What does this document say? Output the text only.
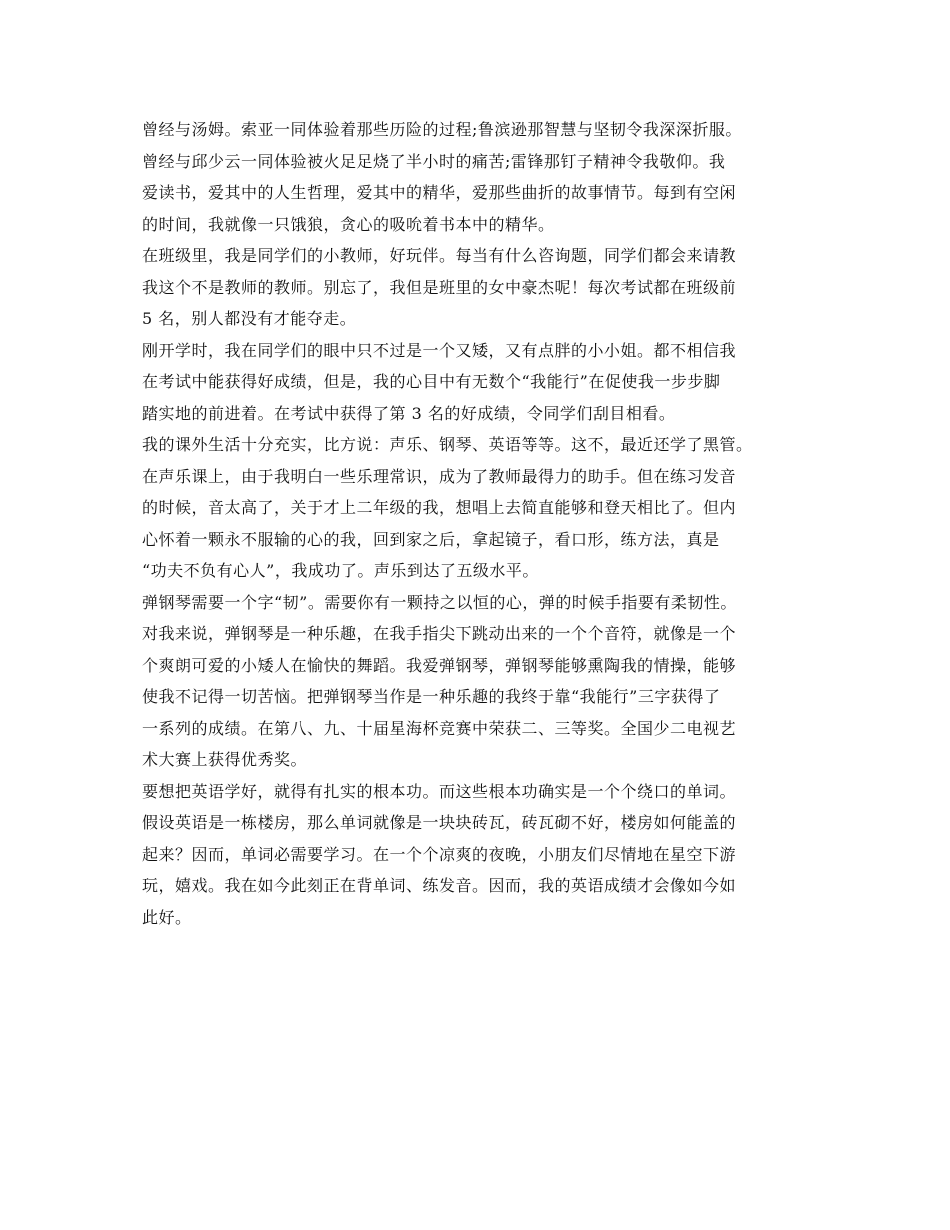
曾经与汤姆。索亚一同体验着那些历险的过程;鲁滨逊那智慧与坚韧令我深深折服。
曾经与邱少云一同体验被火足足烧了半小时的痛苦;雷锋那钉子精神令我敬仰。我
爱读书，爱其中的人生哲理，爱其中的精华，爱那些曲折的故事情节。每到有空闲
的时间，我就像一只饿狼，贪心的吸吮着书本中的精华。
在班级里，我是同学们的小教师，好玩伴。每当有什么咨询题，同学们都会来请教
我这个不是教师的教师。别忘了，我但是班里的女中豪杰呢！每次考试都在班级前
5 名，别人都没有才能夺走。
刚开学时，我在同学们的眼中只不过是一个又矮，又有点胖的小小姐。都不相信我
在考试中能获得好成绩，但是，我的心目中有无数个“我能行”在促使我一步步脚
踏实地的前进着。在考试中获得了第 3 名的好成绩，令同学们刮目相看。
我的课外生活十分充实，比方说：声乐、钢琴、英语等等。这不，最近还学了黑管。
在声乐课上，由于我明白一些乐理常识，成为了教师最得力的助手。但在练习发音
的时候，音太高了，关于才上二年级的我，想唱上去简直能够和登天相比了。但内
心怀着一颗永不服输的心的我，回到家之后，拿起镜子，看口形，练方法，真是
“功夫不负有心人”，我成功了。声乐到达了五级水平。
弹钢琴需要一个字“韧”。需要你有一颗持之以恒的心，弹的时候手指要有柔韧性。
对我来说，弹钢琴是一种乐趣，在我手指尖下跳动出来的一个个音符，就像是一个
个爽朗可爱的小矮人在愉快的舞蹈。我爱弹钢琴，弹钢琴能够熏陶我的情操，能够
使我不记得一切苦恼。把弹钢琴当作是一种乐趣的我终于靠“我能行”三字获得了
一系列的成绩。在第八、九、十届星海杯竞赛中荣获二、三等奖。全国少二电视艺
术大赛上获得优秀奖。
要想把英语学好，就得有扎实的根本功。而这些根本功确实是一个个绕口的单词。
假设英语是一栋楼房，那么单词就像是一块块砖瓦，砖瓦砌不好，楼房如何能盖的
起来？因而，单词必需要学习。在一个个凉爽的夜晚，小朋友们尽情地在星空下游
玩，嬉戏。我在如今此刻正在背单词、练发音。因而，我的英语成绩才会像如今如
此好。
